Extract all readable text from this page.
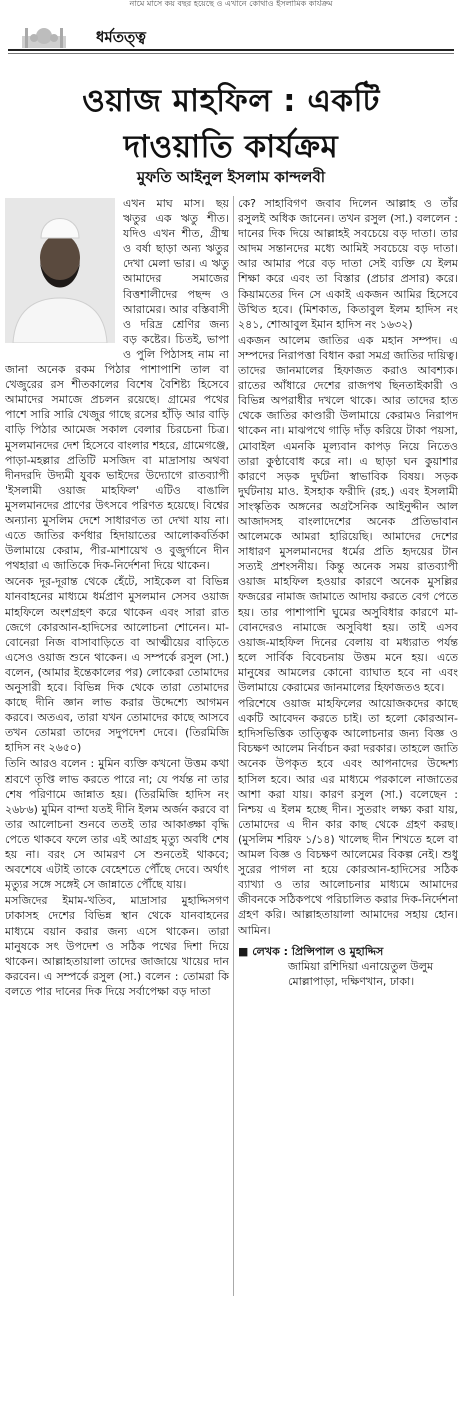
নামে মাসে কয় বছর হয়েছে ও এখানে কোথাও ইসলামিক কার্যক্রম
ধর্মতত্ত্ব
ওয়াজ মাহফিল : একটি
দাওয়াতি কার্যক্রম
মুফতি আইনুল ইসলাম কান্দলবী

এখন মাঘ মাস। ছয় ঋতুর এক ঋতু শীত। যদিও এখন শীত, গ্রীষ্ম ও বর্ষা ছাড়া অন্য ঋতুর দেখা মেলা ভার। এ ঋতু আমাদের সমাজের বিত্তশালীদের পছন্দ ও আরামের। আর বস্তিবাসী ও দরিদ্র শ্রেণির জন্য বড় কষ্টের। চিতই, ভাপা ও পুলি পিঠাসহ নাম না জানা অনেক রকম পিঠার পাশাপাশি তাল বা খেজুরের রস শীতকালের বিশেষ বৈশিষ্ট্য হিসেবে আমাদের সমাজে প্রচলন রয়েছে। গ্রামের পথের পাশে সারি সারি খেজুর গাছে রসের হাঁড়ি আর বাড়ি বাড়ি পিঠার আমেজ সকাল বেলার চিরচেনা চিত্র। মুসলমানদের দেশ হিসেবে বাংলার শহরে, গ্রামেগঞ্জে, পাড়া-মহল্লার প্রতিটি মসজিদ বা মাদ্রাসায় অথবা দীনদরদি উদ্যমী যুবক ভাইদের উদ্যোগে রাতব্যাপী 'ইসলামী ওয়াজ মাহফিল' এটিও বাঙালি মুসলমানদের প্রাণের উৎসবে পরিণত হয়েছে। বিশ্বের অন্যান্য মুসলিম দেশে সাধারণত তা দেখা যায় না। এতে জাতির কর্ণধার হিদায়াতের আলোকবর্তিকা উলামায়ে কেরাম, পীর-মাশায়েখ ও বুজুর্গানে দীন পথহারা এ জাতিকে দিক-নির্দেশনা দিয়ে থাকেন।

অনেক দূর-দূরান্ত থেকে হেঁটে, সাইকেল বা বিভিন্ন যানবাহনের মাধ্যমে ধর্মপ্রাণ মুসলমান সেসব ওয়াজ মাহফিলে অংশগ্রহণ করে থাকেন এবং সারা রাত জেগে কোরআন-হাদিসের আলোচনা শোনেন। মা-বোনেরা নিজ বাসাবাড়িতে বা আত্মীয়ের বাড়িতে এসেও ওয়াজ শুনে থাকেন। এ সম্পর্কে রসুল (সা.) বলেন, (আমার ইন্তেকালের পর) লোকেরা তোমাদের অনুসারী হবে। বিভিন্ন দিক থেকে তারা তোমাদের কাছে দীনি জ্ঞান লাভ করার উদ্দেশ্যে আগমন করবে। অতএব, তারা যখন তোমাদের কাছে আসবে তখন তোমরা তাদের সদুপদেশ দেবে। (তিরমিজি হাদিস নং ২৬৫০)

তিনি আরও বলেন : মুমিন ব্যক্তি কখনো উত্তম কথা শ্রবণে তৃপ্তি লাভ করতে পারে না; যে পর্যন্ত না তার শেষ পরিণামে জান্নাত হয়। (তিরমিজি হাদিস নং ২৬৮৬) মুমিন বান্দা যতই দীনি ইলম অর্জন করবে বা তার আলোচনা শুনবে ততই তার আকাঙ্ক্ষা বৃদ্ধি পেতে থাকবে ফলে তার এই আগ্রহ মৃত্যু অবধি শেষ হয় না। বরং সে আমরণ সে শুনতেই থাকবে; অবশেষে এটাই তাকে বেহেশতে পৌঁছে দেবে। অর্থাৎ মৃত্যুর সঙ্গে সঙ্গেই সে জান্নাতে পৌঁছে যায়।

মসজিদের ইমাম-খতিব, মাদ্রাসার মুহাদ্দিসগণ ঢাকাসহ দেশের বিভিন্ন স্থান থেকে যানবাহনের মাধ্যমে বয়ান করার জন্য এসে থাকেন। তারা মানুষকে সৎ উপদেশ ও সঠিক পথের দিশা দিয়ে থাকেন। আল্লাহতায়ালা তাদের জাজায়ে খায়ের দান করবেন। এ সম্পর্কে রসুল (সা.) বলেন : তোমরা কি বলতে পার দানের দিক দিয়ে সর্বাপেক্ষা বড় দাতা

কে? সাহাবিগণ জবাব দিলেন আল্লাহ ও তাঁর রসুলই অধিক জানেন। তখন রসুল (সা.) বললেন : দানের দিক দিয়ে আল্লাহই সবচেয়ে বড় দাতা। তার আদম সন্তানদের মধ্যে আমিই সবচেয়ে বড় দাতা। আর আমার পরে বড় দাতা সেই ব্যক্তি যে ইলম শিক্ষা করে এবং তা বিস্তার (প্রচার প্রসার) করে। কিয়ামতের দিন সে একাই একজন আমির হিসেবে উত্থিত হবে। (মিশকাত, কিতাবুল ইলম হাদিস নং ২৪১, শোআবুল ইমান হাদিস নং ১৬৩২)

একজন আলেম জাতির এক মহান সম্পদ। এ সম্পদের নিরাপত্তা বিধান করা সমগ্র জাতির দায়িত্ব। তাদের জানমালের হিফাজত করাও আবশ্যক। রাতের আঁধারে দেশের রাজপথ ছিনতাইকারী ও বিভিন্ন অপরাধীর দখলে থাকে। আর তাদের হাত থেকে জাতির কাণ্ডারী উলামায়ে কেরামও নিরাপদ থাকেন না। মাঝপথে গাড়ি দাঁড় করিয়ে টাকা পয়সা, মোবাইল এমনকি মূল্যবান কাপড় নিয়ে নিতেও তারা কুণ্ঠাবোধ করে না। এ ছাড়া ঘন কুয়াশার কারণে সড়ক দুর্ঘটনা স্বাভাবিক বিষয়। সড়ক দুর্ঘটনায় মাও. ইসহাক ফরীদি (রহ.) এবং ইসলামী সাংস্কৃতিক অঙ্গনের অগ্রসৈনিক আইনুদ্দীন আল আজাদসহ বাংলাদেশের অনেক প্রতিভাবান আলেমকে আমরা হারিয়েছি। আমাদের দেশের সাধারণ মুসলমানদের ধর্মের প্রতি হৃদয়ের টান সত্যই প্রশংসনীয়। কিন্তু অনেক সময় রাতব্যাপী ওয়াজ মাহফিল হওয়ার কারণে অনেক মুসল্লির ফজরের নামাজ জামাতে আদায় করতে বেগ পেতে হয়। তার পাশাপাশি ঘুমের অসুবিধার কারণে মা-বোনদেরও নামাজে অসুবিধা হয়। তাই এসব ওয়াজ-মাহফিল দিনের বেলায় বা মধ্যরাত পর্যন্ত হলে সার্বিক বিবেচনায় উত্তম মনে হয়। এতে মানুষের আমলের কোনো ব্যাঘাত হবে না এবং উলামায়ে কেরামের জানমালের হিফাজতও হবে।

পরিশেষে ওয়াজ মাহফিলের আয়োজকদের কাছে একটি আবেদন করতে চাই। তা হলো কোরআন-হাদিসভিত্তিক তাত্ত্বিক আলোচনার জন্য বিজ্ঞ ও বিচক্ষণ আলেম নির্বাচন করা দরকার। তাহলে জাতি অনেক উপকৃত হবে এবং আপনাদের উদ্দেশ্য হাসিল হবে। আর এর মাধ্যমে পরকালে নাজাতের আশা করা যায়। কারণ রসুল (সা.) বলেছেন : নিশ্চয় এ ইলম হচ্ছে দীন। সুতরাং লক্ষ্য করা যায়, তোমাদের এ দীন কার কাছ থেকে গ্রহণ করছ। (মুসলিম শরিফ ১/১৪) খালেছ দীন শিখতে হলে বা আমল বিজ্ঞ ও বিচক্ষণ আলেমের বিকল্প নেই। শুধু সুরের পাগল না হয়ে কোরআন-হাদিসের সঠিক ব্যাখ্যা ও তার আলোচনার মাধ্যমে আমাদের জীবনকে সঠিকপথে পরিচালিত করার দিক-নির্দেশনা গ্রহণ করি। আল্লাহতায়ালা আমাদের সহায় হোন। আমিন।

■ লেখক : প্রিন্সিপাল ও মুহাদ্দিস
জামিয়া রশিদিয়া এনায়েতুল উলুম
মোল্লাপাড়া, দক্ষিণখান, ঢাকা।
